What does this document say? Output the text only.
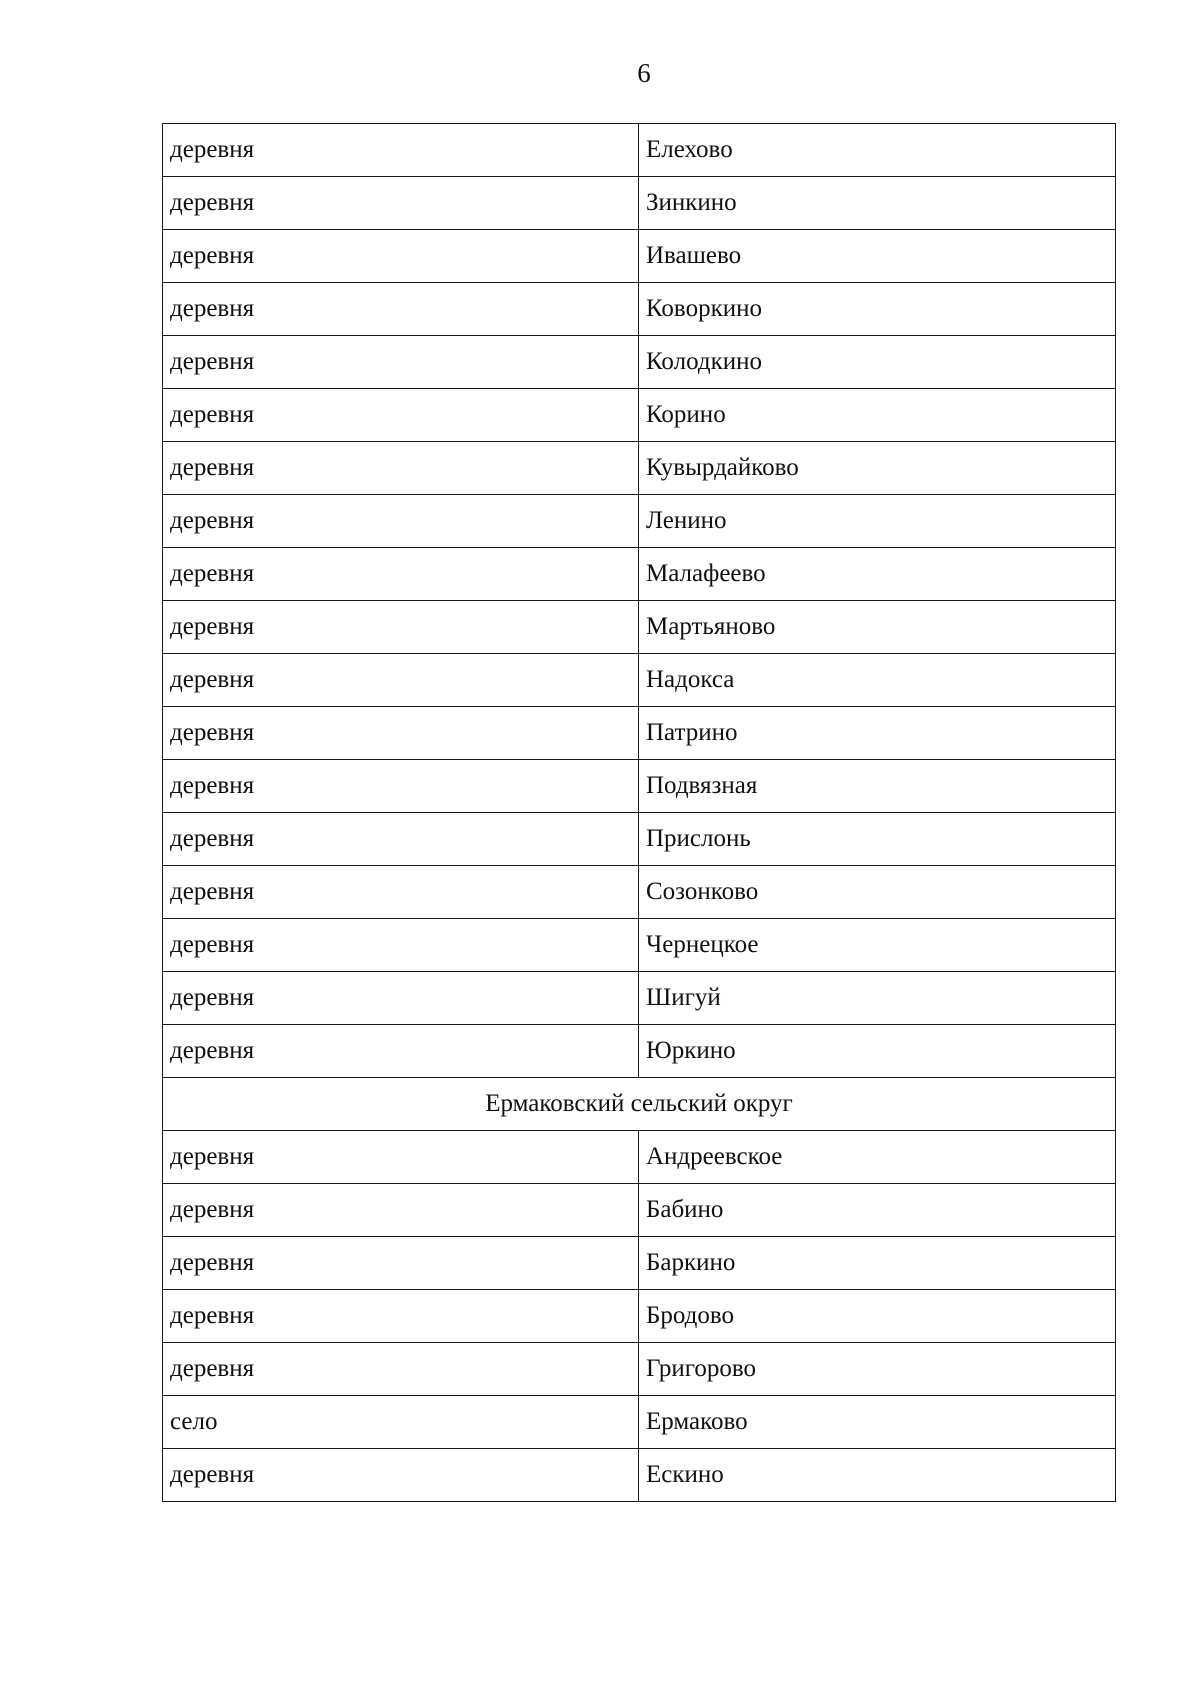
6
деревня	Елехово
деревня	Зинкино
деревня	Ивашево
деревня	Коворкино
деревня	Колодкино
деревня	Корино
деревня	Кувырдайково
деревня	Ленино
деревня	Малафеево
деревня	Мартьяново
деревня	Надокса
деревня	Патрино
деревня	Подвязная
деревня	Прислонь
деревня	Созонково
деревня	Чернецкое
деревня	Шигуй
деревня	Юркино
Ермаковский сельский округ	
деревня	Андреевское
деревня	Бабино
деревня	Баркино
деревня	Бродово
деревня	Григорово
село	Ермаково
деревня	Ескино
